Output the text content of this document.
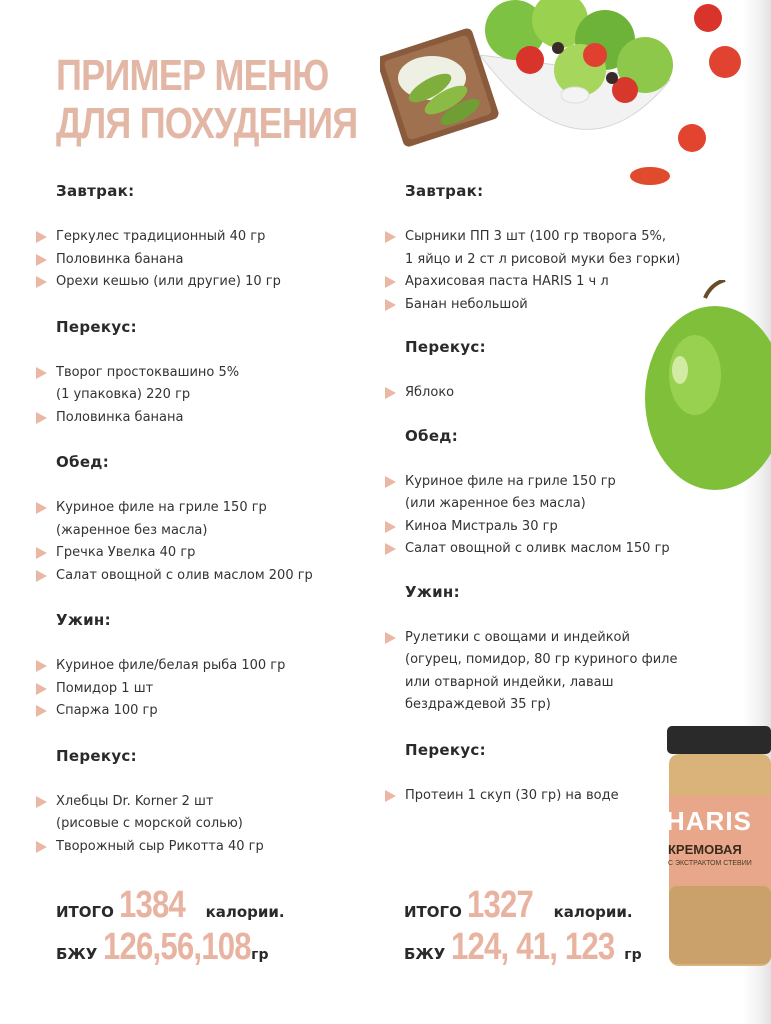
ПРИМЕР МЕНЮ
ДЛЯ ПОХУДЕНИЯ
HARIS
КРЕМОВАЯ
С ЭКСТРАКТОМ СТЕВИИ
Завтрак:
Геркулес традиционный 40 гр
Половинка банана
Орехи кешью (или другие) 10 гр
Перекус:
Творог простоквашино 5%
(1 упаковка) 220 гр
Половинка банана
Обед:
Куриное филе на гриле 150 гр
(жаренное без масла)
Гречка Увелка 40 гр
Салат овощной с олив маслом 200 гр
Ужин:
Куриное филе/белая рыба 100 гр
Помидор 1 шт
Спаржа 100 гр
Перекус:
Хлебцы Dr. Korner 2 шт
(рисовые с морской солью)
Творожный сыр Рикотта 40 гр
Завтрак:
Сырники ПП 3 шт (100 гр творога 5%,
1 яйцо и 2 ст л рисовой муки без горки)
Арахисовая паста HARIS 1 ч л
Банан небольшой
Перекус:
Яблоко
Обед:
Куриное филе на гриле 150 гр
(или жаренное без масла)
Киноа Мистраль 30 гр
Салат овощной с оливк маслом 150 гр
Ужин:
Рулетики с овощами и индейкой
(огурец, помидор, 80 гр куриного филе
или отварной индейки, лаваш
бездраждевой 35 гр)
Перекус:
Протеин 1 скуп (30 гр) на воде
ИТОГО 1384 калории.
БЖУ 126,56,108 гр
ИТОГО 1327 калории.
БЖУ 124, 41, 123 гр
